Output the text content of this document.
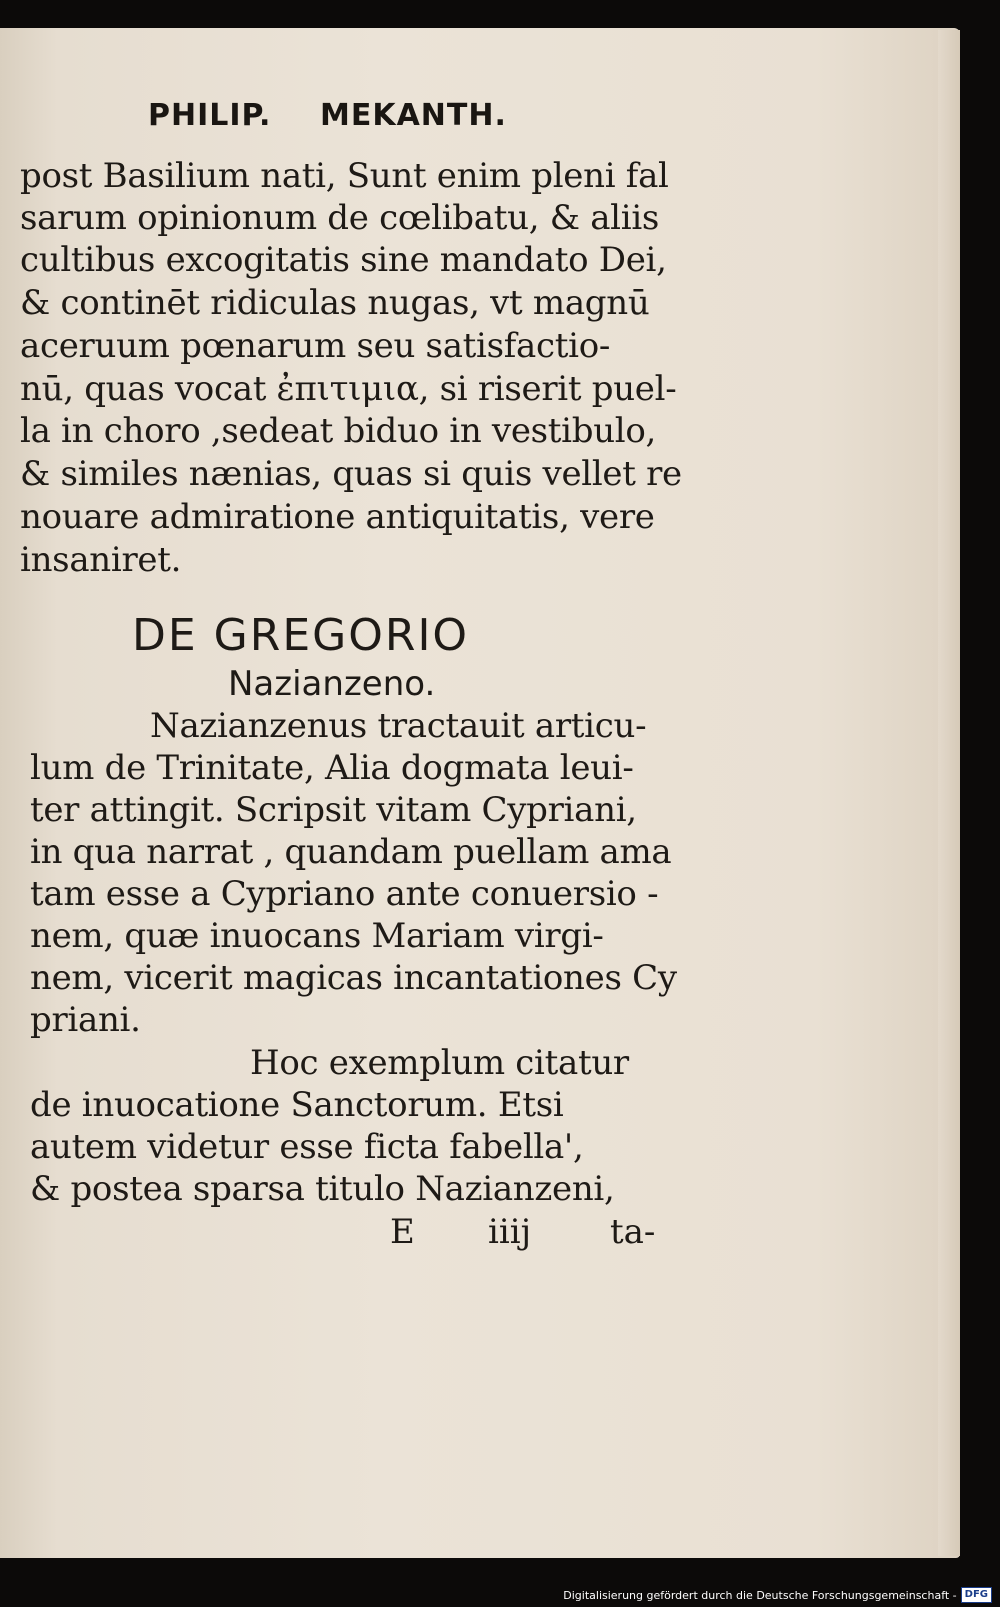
PHILIP. MEKANTH.
post Basilium nati, Sunt enim pleni fal
sarum opinionum de cœlibatu, & aliis
cultibus excogitatis sine mandato Dei,
& continēt ridiculas nugas, vt magnū
aceruum pœnarum seu satisfactio-
nū, quas vocat ἐπιτιμια, si riserit puel-
la in choro ,sedeat biduo in vestibulo,
& similes nænias, quas si quis vellet re
nouare admiratione antiquitatis, vere
insaniret.
DE GREGORIO
Nazianzeno.
Nazianzenus tractauit articu-
lum de Trinitate, Alia dogmata leui-
ter attingit. Scripsit vitam Cypriani,
in qua narrat , quandam puellam ama
tam esse a Cypriano ante conuersio -
nem, quæ inuocans Mariam virgi-
nem, vicerit magicas incantationes Cy
priani.
Hoc exemplum citatur
de inuocatione Sanctorum. Etsi
autem videtur esse ficta fabella',
& postea sparsa titulo Nazianzeni,
E iiij ta-
Digitalisierung gefördert durch die Deutsche Forschungsgemeinschaft - DFG
